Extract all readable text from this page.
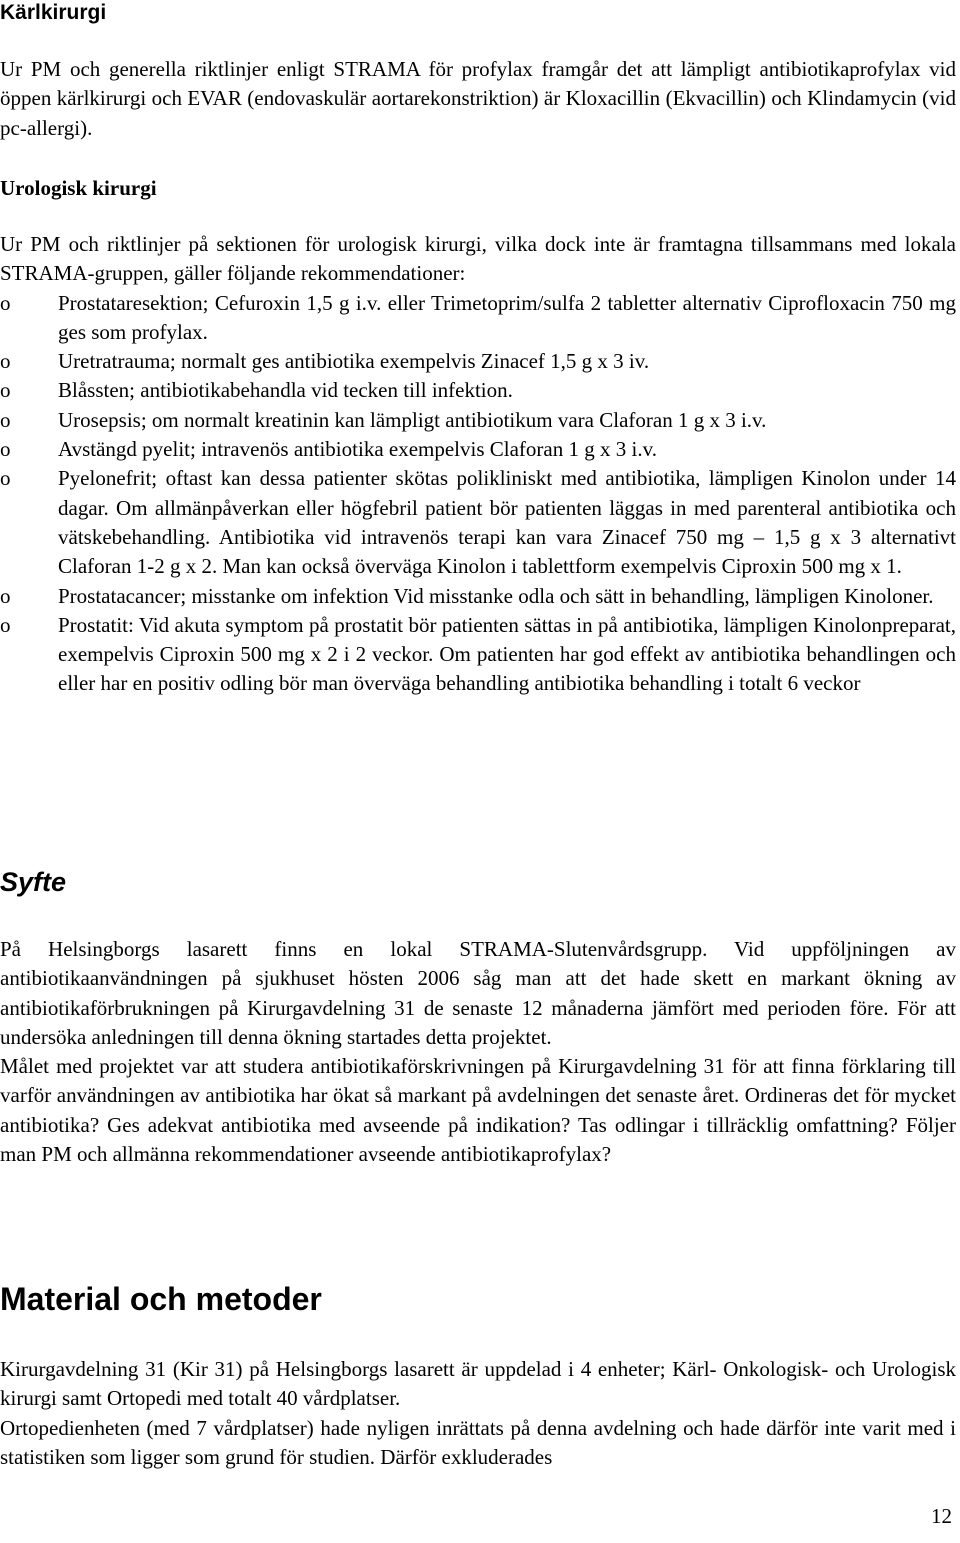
Kärlkirurgi

Ur PM och generella riktlinjer enligt STRAMA för profylax framgår det att lämpligt antibiotikaprofylax vid öppen kärlkirurgi och EVAR (endovaskulär aortarekonstriktion) är Kloxacillin (Ekvacillin) och Klindamycin (vid pc-allergi).

Urologisk kirurgi

Ur PM och riktlinjer på sektionen för urologisk kirurgi, vilka dock inte är framtagna tillsammans med lokala STRAMA-gruppen, gäller följande rekommendationer:

o Prostataresektion; Cefuroxin 1,5 g i.v. eller Trimetoprim/sulfa 2 tabletter alternativ Ciprofloxacin 750 mg ges som profylax.
o Uretratrauma; normalt ges antibiotika exempelvis Zinacef 1,5 g x 3 iv.
o Blåssten; antibiotikabehandla vid tecken till infektion.
o Urosepsis; om normalt kreatinin kan lämpligt antibiotikum vara Claforan 1 g x 3 i.v.
o Avstängd pyelit; intravenös antibiotika exempelvis Claforan 1 g x 3 i.v.
o Pyelonefrit; oftast kan dessa patienter skötas polikliniskt med antibiotika, lämpligen Kinolon under 14 dagar. Om allmänpåverkan eller högfebril patient bör patienten läggas in med parenteral antibiotika och vätskebehandling. Antibiotika vid intravenös terapi kan vara Zinacef 750 mg – 1,5 g x 3 alternativt Claforan 1-2 g x 2. Man kan också överväga Kinolon i tablettform exempelvis Ciproxin 500 mg x 1.
o Prostatacancer; misstanke om infektion Vid misstanke odla och sätt in behandling, lämpligen Kinoloner.
o Prostatit: Vid akuta symptom på prostatit bör patienten sättas in på antibiotika, lämpligen Kinolonpreparat, exempelvis Ciproxin 500 mg x 2 i 2 veckor. Om patienten har god effekt av antibiotika behandlingen och eller har en positiv odling bör man överväga behandling antibiotika behandling i totalt 6 veckor
Syfte

På Helsingborgs lasarett finns en lokal STRAMA-Slutenvårdsgrupp. Vid uppföljningen av antibiotikaanvändningen på sjukhuset hösten 2006 såg man att det hade skett en markant ökning av antibiotikaförbrukningen på Kirurgavdelning 31 de senaste 12 månaderna jämfört med perioden före. För att undersöka anledningen till denna ökning startades detta projektet.

Målet med projektet var att studera antibiotikaförskrivningen på Kirurgavdelning 31 för att finna förklaring till varför användningen av antibiotika har ökat så markant på avdelningen det senaste året. Ordineras det för mycket antibiotika? Ges adekvat antibiotika med avseende på indikation? Tas odlingar i tillräcklig omfattning? Följer man PM och allmänna rekommendationer avseende antibiotikaprofylax?

Material och metoder

Kirurgavdelning 31 (Kir 31) på Helsingborgs lasarett är uppdelad i 4 enheter; Kärl- Onkologisk- och Urologisk kirurgi samt Ortopedi med totalt 40 vårdplatser.

Ortopedienheten (med 7 vårdplatser) hade nyligen inrättats på denna avdelning och hade därför inte varit med i statistiken som ligger som grund för studien. Därför exkluderades

12
